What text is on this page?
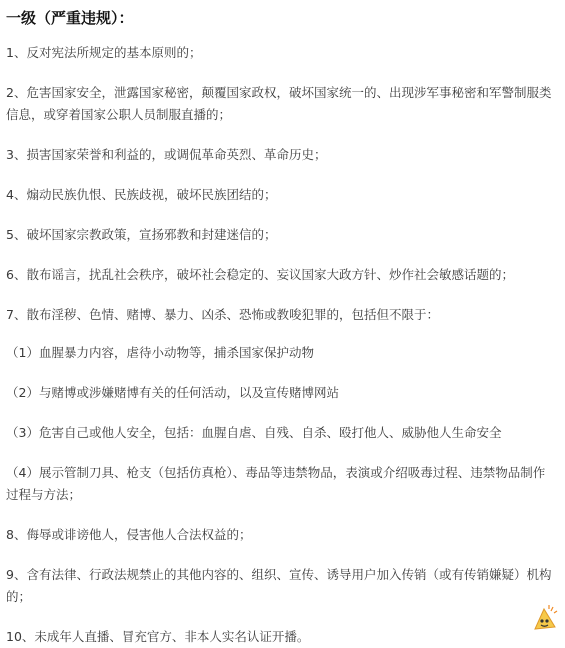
一级（严重违规）：

1、反对宪法所规定的基本原则的；

2、危害国家安全，泄露国家秘密，颠覆国家政权，破坏国家统一的、出现涉军事秘密和军警制服类信息，或穿着国家公职人员制服直播的；

3、损害国家荣誉和利益的，或调侃革命英烈、革命历史；

4、煽动民族仇恨、民族歧视，破坏民族团结的；

5、破坏国家宗教政策，宣扬邪教和封建迷信的；

6、散布谣言，扰乱社会秩序，破坏社会稳定的、妄议国家大政方针、炒作社会敏感话题的；

7、散布淫秽、色情、赌博、暴力、凶杀、恐怖或教唆犯罪的，包括但不限于：

（1）血腥暴力内容，虐待小动物等，捕杀国家保护动物

（2）与赌博或涉嫌赌博有关的任何活动，以及宣传赌博网站

（3）危害自己或他人安全，包括：血腥自虐、自残、自杀、殴打他人、威胁他人生命安全

（4）展示管制刀具、枪支（包括仿真枪）、毒品等违禁物品，表演或介绍吸毒过程、违禁物品制作过程与方法；

8、侮辱或诽谤他人，侵害他人合法权益的；

9、含有法律、行政法规禁止的其他内容的、组织、宣传、诱导用户加入传销（或有传销嫌疑）机构的；

10、未成年人直播、冒充官方、非本人实名认证开播。
